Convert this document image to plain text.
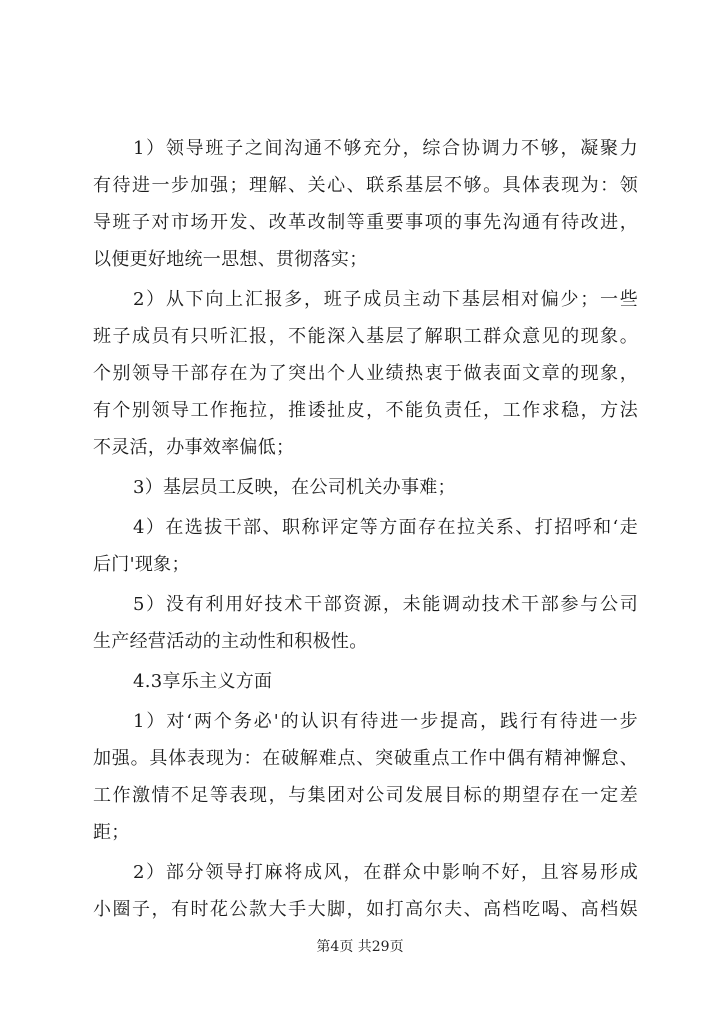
1）领导班子之间沟通不够充分，综合协调力不够，凝聚力
有待进一步加强；理解、关心、联系基层不够。具体表现为：领
导班子对市场开发、改革改制等重要事项的事先沟通有待改进，
以便更好地统一思想、贯彻落实；
2）从下向上汇报多，班子成员主动下基层相对偏少；一些
班子成员有只听汇报，不能深入基层了解职工群众意见的现象。
个别领导干部存在为了突出个人业绩热衷于做表面文章的现象，
有个别领导工作拖拉，推诿扯皮，不能负责任，工作求稳，方法
不灵活，办事效率偏低；
3）基层员工反映，在公司机关办事难；
4）在选拔干部、职称评定等方面存在拉关系、打招呼和‘走
后门'现象；
5）没有利用好技术干部资源，未能调动技术干部参与公司
生产经营活动的主动性和积极性。
4.3享乐主义方面
1）对‘两个务必'的认识有待进一步提高，践行有待进一步
加强。具体表现为：在破解难点、突破重点工作中偶有精神懈怠、
工作激情不足等表现，与集团对公司发展目标的期望存在一定差
距；
2）部分领导打麻将成风，在群众中影响不好，且容易形成
小圈子，有时花公款大手大脚，如打高尔夫、高档吃喝、高档娱
第4页 共29页
